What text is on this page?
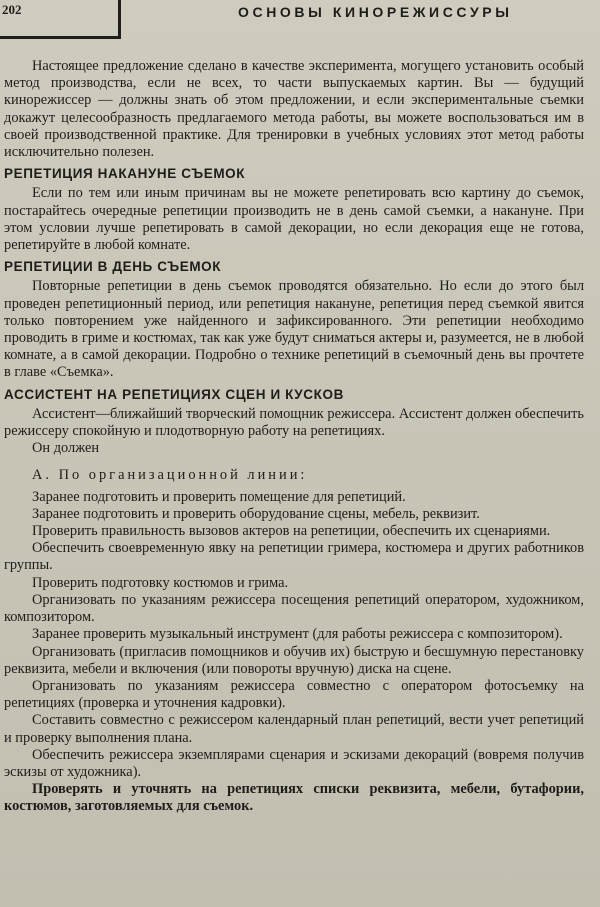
202	ОСНОВЫ КИНОРЕЖИССУРЫ

Настоящее предложение сделано в качестве эксперимента, могущего установить особый метод производства, если не всех, то части выпускаемых картин. Вы — будущий кинорежиссер — должны знать об этом предложении, и если экспериментальные съемки докажут целесообразность предлагаемого метода работы, вы можете воспользоваться им в своей производственной практике. Для тренировки в учебных условиях этот метод работы исключительно полезен.

РЕПЕТИЦИЯ НАКАНУНЕ СЪЕМОК

Если по тем или иным причинам вы не можете репетировать всю картину до съемок, постарайтесь очередные репетиции производить не в день самой съемки, а накануне. При этом условии лучше репетировать в самой декорации, но если декорация еще не готова, репетируйте в любой комнате.

РЕПЕТИЦИИ В ДЕНЬ СЪЕМОК

Повторные репетиции в день съемок проводятся обязательно. Но если до этого был проведен репетиционный период, или репетиция накануне, репетиция перед съемкой явится только повторением уже найденного и зафиксированного. Эти репетиции необходимо проводить в гриме и костюмах, так как уже будут сниматься актеры и, разумеется, не в любой комнате, а в самой декорации. Подробно о технике репетиций в съемочный день вы прочтете в главе «Съемка».

АССИСТЕНТ НА РЕПЕТИЦИЯХ СЦЕН И КУСКОВ

Ассистент—ближайший творческий помощник режиссера. Ассистент должен обеспечить режиссеру спокойную и плодотворную работу на репетициях.

Он должен

А. По организационной линии:

Заранее подготовить и проверить помещение для репетиций.

Заранее подготовить и проверить оборудование сцены, мебель, реквизит.

Проверить правильность вызовов актеров на репетиции, обеспечить их сценариями.

Обеспечить своевременную явку на репетиции гримера, костюмера и других работников группы.

Проверить подготовку костюмов и грима.

Организовать по указаниям режиссера посещения репетиций оператором, художником, композитором.

Заранее проверить музыкальный инструмент (для работы режиссера с композитором).

Организовать (пригласив помощников и обучив их) быструю и бесшумную перестановку реквизита, мебели и включения (или повороты вручную) диска на сцене.

Организовать по указаниям режиссера совместно с оператором фотосъемку на репетициях (проверка и уточнения кадровки).

Составить совместно с режиссером календарный план репетиций, вести учет репетиций и проверку выполнения плана.

Обеспечить режиссера экземплярами сценария и эскизами декораций (вовремя получив эскизы от художника).

Проверять и уточнять на репетициях списки реквизита, мебели, бутафории, костюмов, заготовляемых для съемок.
